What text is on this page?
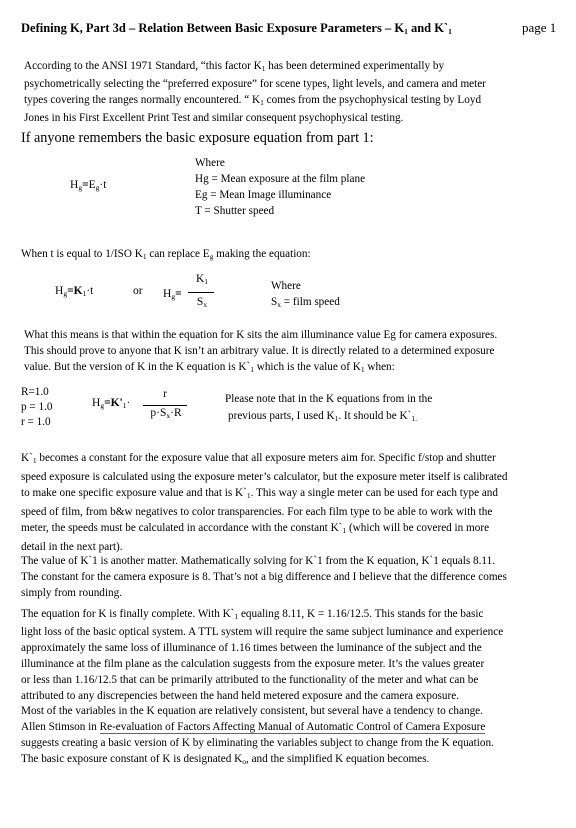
Defining K, Part 3d – Relation Between Basic Exposure Parameters – $K_1$ and $K`_1$	page 1
According to the ANSI 1971 Standard, “this factor $K_1$ has been determined experimentally by
psychometrically selecting the “preferred exposure” for scene types, light levels, and camera and meter
types covering the ranges normally encountered. “ $K_1$ comes from the psychophysical testing by Loyd
Jones in his First Excellent Print Test and similar consequent psychophysical testing.
If anyone remembers the basic exposure equation from part 1:
$H_g=E_g\cdot t$
Where
Hg = Mean exposure at the film plane
Eg = Mean Image illuminance
T = Shutter speed
When t is equal to 1/ISO $K_1$ can replace $E_g$ making the equation:
$H_g=K_1\cdot t$	or $H_g=$
$K_1$
$S_x$
Where
$S_x$ = film speed
What this means is that within the equation for K sits the aim illuminance value Eg for camera exposures.
This should prove to anyone that K isn’t an arbitrary value. It is directly related to a determined exposure
value. But the version of K in the K equation is $K`_1$ which is the value of $K_1$ when:
R=1.0
p = 1.0
r = 1.0
$H_g=K'_1\cdot$
r
$p\cdot S_x\cdot R$
Please note that in the K equations from in the
previous parts, I used $K_1$. It should be $K`_{1.}$
$K`_1$ becomes a constant for the exposure value that all exposure meters aim for. Specific f/stop and shutter
speed exposure is calculated using the exposure meter’s calculator, but the exposure meter itself is calibrated
to make one specific exposure value and that is $K`_1$. This way a single meter can be used for each type and
speed of film, from b&w negatives to color transparencies. For each film type to be able to work with the
meter, the speeds must be calculated in accordance with the constant $K`_1$ (which will be covered in more
detail in the next part).
The value of K`1 is another matter. Mathematically solving for K`1 from the K equation, K`1 equals 8.11.
The constant for the camera exposure is 8. That’s not a big difference and I believe that the difference comes
simply from rounding.
The equation for K is finally complete. With $K`_1$ equaling 8.11, K = 1.16/12.5. This stands for the basic
light loss of the basic optical system. A TTL system will require the same subject luminance and experience
approximately the same loss of illuminance of 1.16 times between the luminance of the subject and the
illuminance at the film plane as the calculation suggests from the exposure meter. It’s the values greater
or less than 1.16/12.5 that can be primarily attributed to the functionality of the meter and what can be
attributed to any discrepencies between the hand held metered exposure and the camera exposure.
Most of the variables in the K equation are relatively consistent, but several have a tendency to change.
Allen Stimson in Re-evaluation of Factors Affecting Manual of Automatic Control of Camera Exposure
suggests creating a basic version of K by eliminating the variables subject to change from the K equation.
The basic exposure constant of K is designated $K_o$, and the simplified K equation becomes.
